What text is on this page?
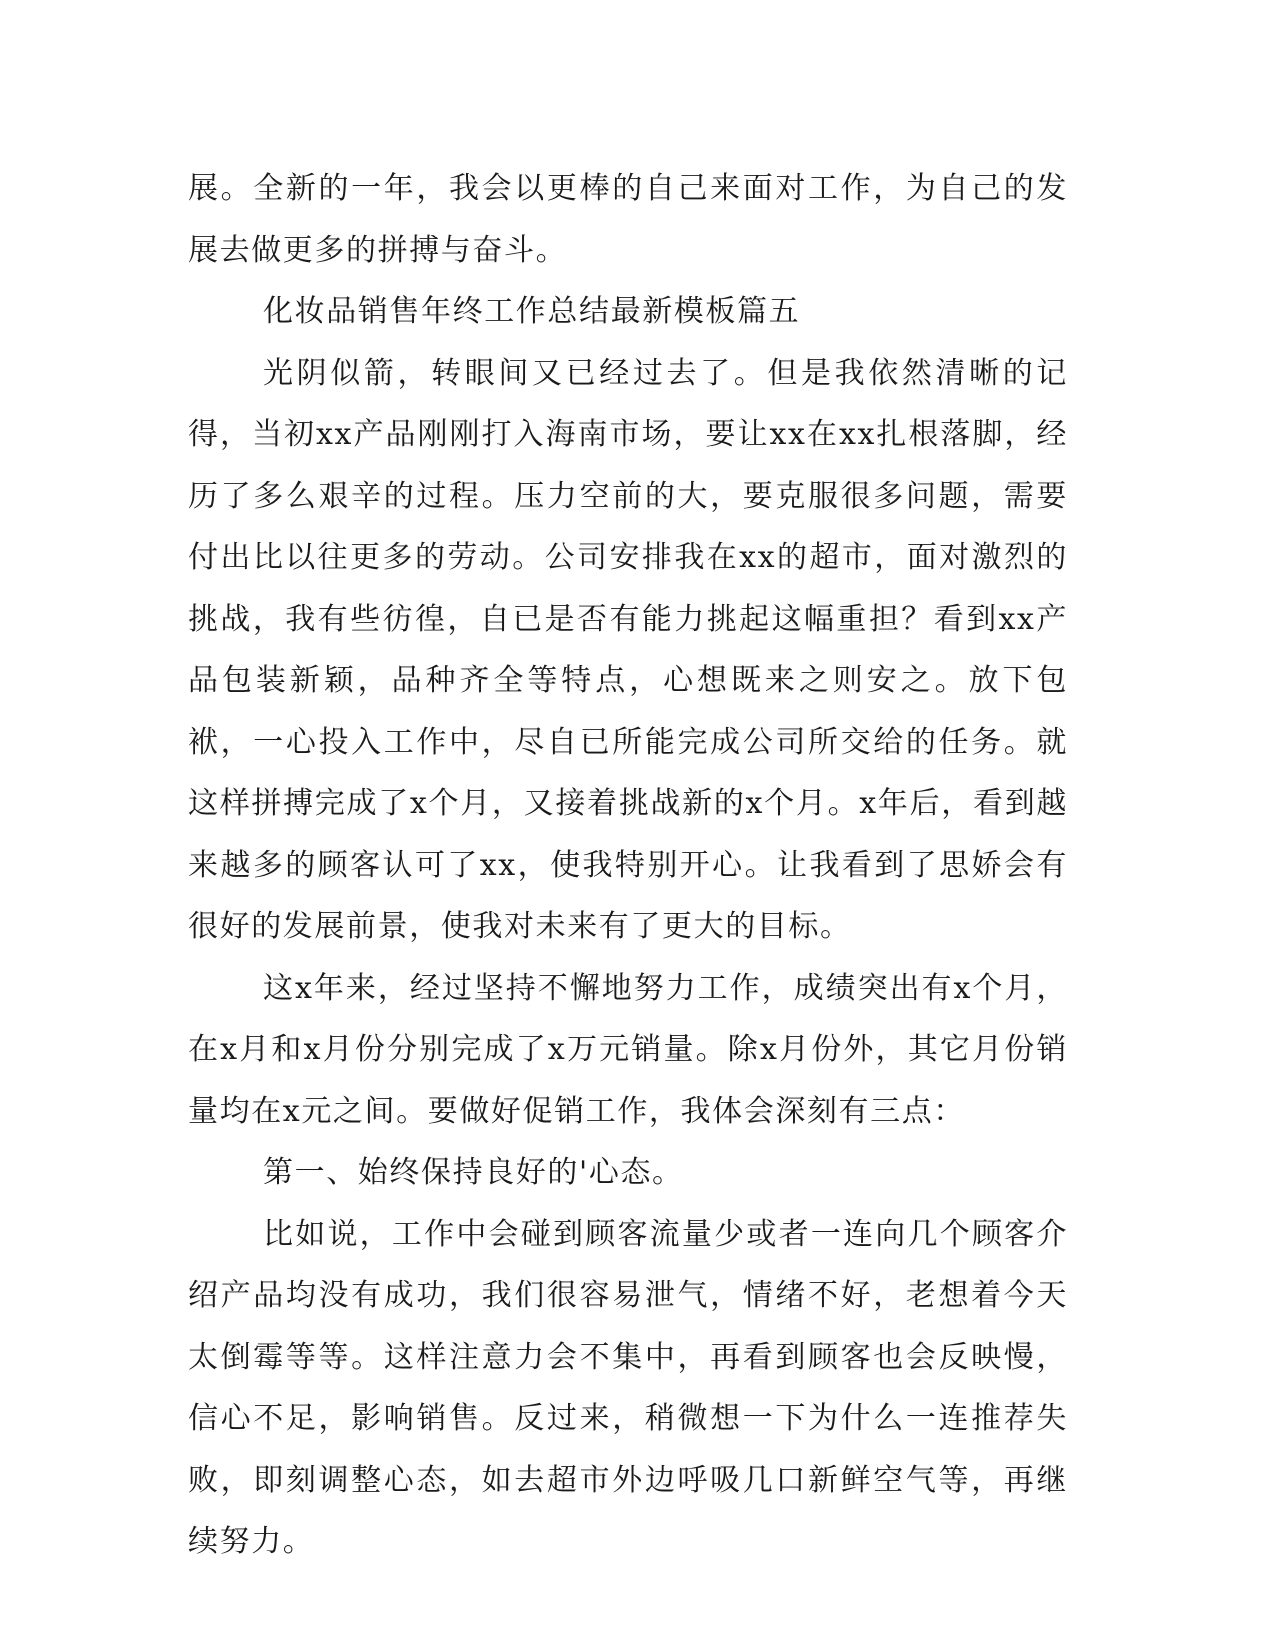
展。全新的一年，我会以更棒的自己来面对工作，为自己的发展去做更多的拼搏与奋斗。

化妆品销售年终工作总结最新模板篇五

光阴似箭，转眼间又已经过去了。但是我依然清晰的记得，当初xx产品刚刚打入海南市场，要让xx在xx扎根落脚，经历了多么艰辛的过程。压力空前的大，要克服很多问题，需要付出比以往更多的劳动。公司安排我在xx的超市，面对激烈的挑战，我有些彷徨，自已是否有能力挑起这幅重担？看到xx产品包装新颖，品种齐全等特点，心想既来之则安之。放下包袱，一心投入工作中，尽自已所能完成公司所交给的任务。就这样拼搏完成了x个月，又接着挑战新的x个月。x年后，看到越来越多的顾客认可了xx，使我特别开心。让我看到了思娇会有很好的发展前景，使我对未来有了更大的目标。

这x年来，经过坚持不懈地努力工作，成绩突出有x个月，在x月和x月份分别完成了x万元销量。除x月份外，其它月份销量均在x元之间。要做好促销工作，我体会深刻有三点：

第一、始终保持良好的'心态。

比如说，工作中会碰到顾客流量少或者一连向几个顾客介绍产品均没有成功，我们很容易泄气，情绪不好，老想着今天太倒霉等等。这样注意力会不集中，再看到顾客也会反映慢，信心不足，影响销售。反过来，稍微想一下为什么一连推荐失败，即刻调整心态，如去超市外边呼吸几口新鲜空气等，再继续努力。
